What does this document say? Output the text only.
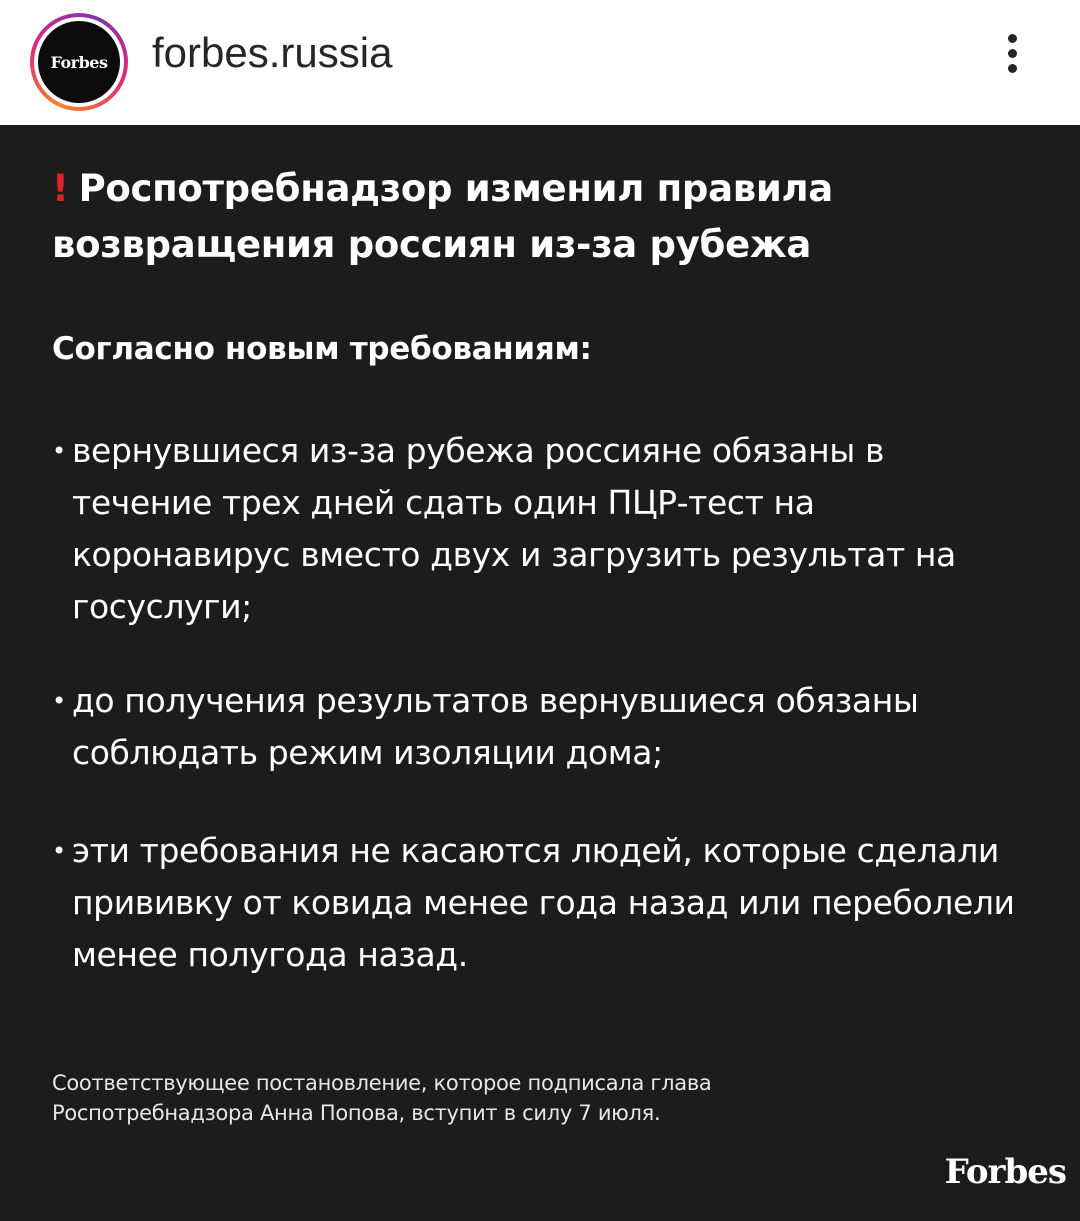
Forbes forbes.russia
! Роспотребнадзор изменил правила возвращения россиян из-за рубежа
Согласно новым требованиям:
• вернувшиеся из-за рубежа россияне обязаны в течение трех дней сдать один ПЦР-тест на коронавирус вместо двух и загрузить результат на госуслуги;
• до получения результатов вернувшиеся обязаны соблюдать режим изоляции дома;
• эти требования не касаются людей, которые сделали прививку от ковида менее года назад или переболели менее полугода назад.
Соответствующее постановление, которое подписала глава Роспотребнадзора Анна Попова, вступит в силу 7 июля.
Forbes
